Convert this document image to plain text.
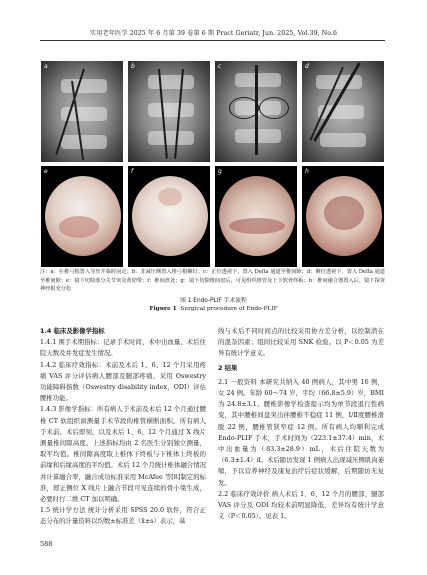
实用老年医学 2025 年 6 月第 39 卷第 6 期 Pract Geriatr, Jun. 2025, Vol.39, No.6
a	b	c	d
e	f	g	h
注：a：在椎弓根置入导丝并临时固定；b：非减压侧置入椎弓根螺钉；c：正位透视下，置入 Delta 通道至椎间隙；d：侧位透视下，置入 Delta 通道至椎间隙；e：镜下切除部分关节突及黄韧带；f：椎间盘处；g：镜下切除椎间盘后，可见组织椎管及上下软骨终板；h：椎间融合器置入后，镜下探查神经根充分松
图 1 Endo-PLIF 手术流程
Figure 1 Surgical procedure of Endo-PLIF

1.4 临床及影像学指标

1.4.1 围手术期指标：记录手术时间、术中出血量、术后住院天数及并发症发生情况。

1.4.2 临床疗效指标：术前及术后 1、6、12 个月采用疼痛 VAS 评分评估病人腰部及腿部疼痛，采用 Oswestry 功能障碍指数（Oswestry disability index，ODI）评估腰椎功能。

1.4.3 影像学指标：所有病人于术前及术后 12 个月通过腰椎 CT 软组织窗测量手术节段的椎管横断面积。所有病人于术前、术后即刻，以及术后 1、6、12 个月通过 X 线片测量椎间隙高度。上述指标均由 2 名医生分别独立测量，取平均值。椎间隙高度取上椎体下终板与下椎体上终板的前缘和后缘高度的平均值。术后 12 个月统计椎体融合情况并计算融合率，融合成功标准采用 McAfee 等[8]制定的标准，即正侧位 X 线片上融合节段可见连续的骨小梁生成，必要时行二维 CT 加以明确。

1.5 统计学方法 统计分析采用 SPSS 20.0 软件，符合正态分布的计量资料以均数±标准差（x̄±s）表示，基

线与术后不同时间点的比较采用协方差分析，以控制潜在的混杂因素；组间比较采用 SNK 检验。以 P＜0.05 为差异有统计学意义。

2 结果

2.1 一般资料 本研究共纳入 40 例病人，其中男 16 例，女 24 例。年龄 60～74 岁，平均（66.8±5.9）岁，BMI 为 24.8±3.1。腰椎影像学检查提示均为单节段退行性病变，其中腰椎间盘突出伴腰椎不稳症 11 例，Ⅰ/Ⅱ度腰椎滑脱 22 例，腰椎管狭窄症 12 例。所有病人均顺利完成 Endo-PLIF 手术，手术时间为（223.1±37.4）min，术中出血量为（83.3±28.9）mL，术后住院天数为（6.3±1.4）d。术后随访发现 1 例病人出现减压侧肌肉萎缩，予以营养神经及康复治疗后症状缓解，后期随访无复发。

2.2 临床疗效评价 病人术后 1、6、12 个月的腰部、腿部 VAS 评分及 ODI 均较术前明显降低，差异均有统计学意义（P＜0.05）。见表 1。

588
